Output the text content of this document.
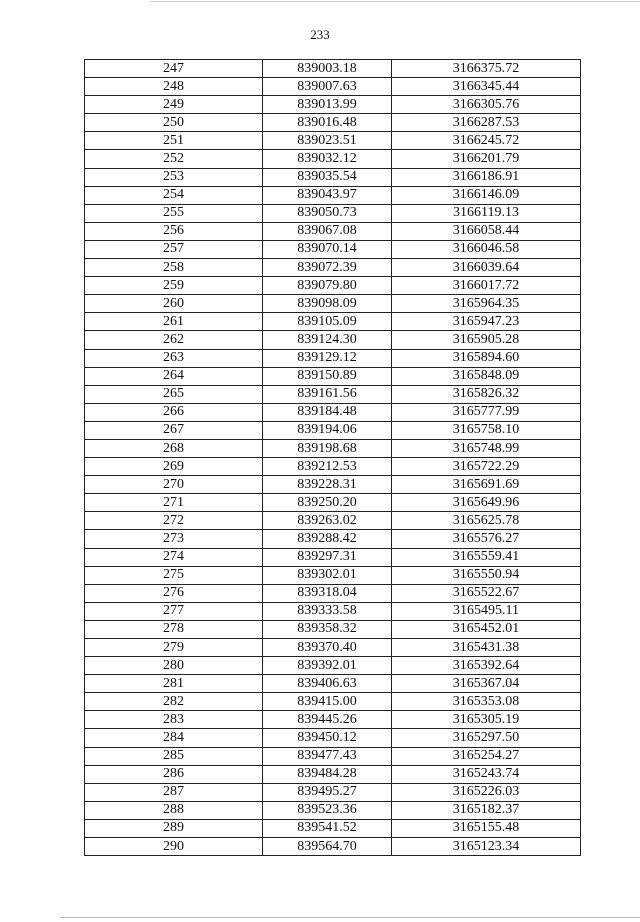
233
247	839003.18	3166375.72
248	839007.63	3166345.44
249	839013.99	3166305.76
250	839016.48	3166287.53
251	839023.51	3166245.72
252	839032.12	3166201.79
253	839035.54	3166186.91
254	839043.97	3166146.09
255	839050.73	3166119.13
256	839067.08	3166058.44
257	839070.14	3166046.58
258	839072.39	3166039.64
259	839079.80	3166017.72
260	839098.09	3165964.35
261	839105.09	3165947.23
262	839124.30	3165905.28
263	839129.12	3165894.60
264	839150.89	3165848.09
265	839161.56	3165826.32
266	839184.48	3165777.99
267	839194.06	3165758.10
268	839198.68	3165748.99
269	839212.53	3165722.29
270	839228.31	3165691.69
271	839250.20	3165649.96
272	839263.02	3165625.78
273	839288.42	3165576.27
274	839297.31	3165559.41
275	839302.01	3165550.94
276	839318.04	3165522.67
277	839333.58	3165495.11
278	839358.32	3165452.01
279	839370.40	3165431.38
280	839392.01	3165392.64
281	839406.63	3165367.04
282	839415.00	3165353.08
283	839445.26	3165305.19
284	839450.12	3165297.50
285	839477.43	3165254.27
286	839484.28	3165243.74
287	839495.27	3165226.03
288	839523.36	3165182.37
289	839541.52	3165155.48
290	839564.70	3165123.34
